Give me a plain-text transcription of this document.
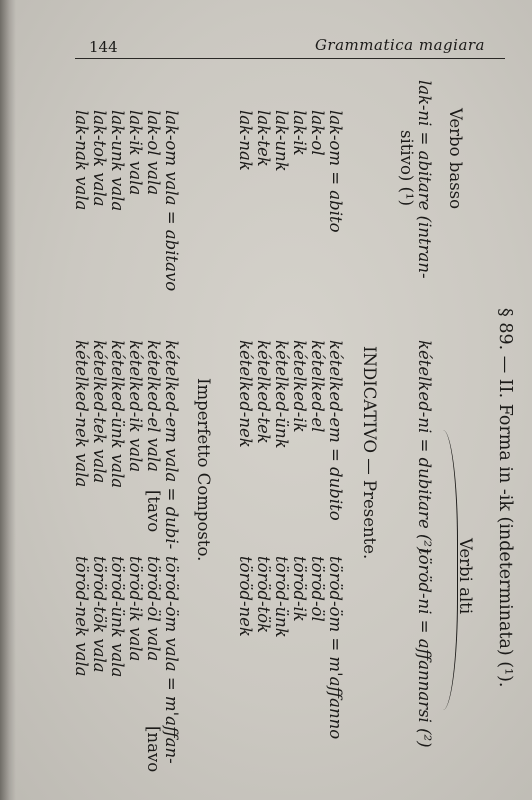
144	Grammatica magiara
§ 89. — II. Forma in -ik (indeterminata) (¹).
Verbo basso
Verbi alti
lak-ni = abitare (intran-
sitivo) (¹)
kételked-ni = dubitare (²)
töröd-ni = affannarsi (²)
INDICATIVO — Presente.
lak-om = abito
lak-ol
lak-ik
lak-unk
lak-tek
lak-nak
kételked-em = dubito
kételked-el
kételked-ik
kételked-ünk
kételked-tek
kételked-nek
töröd-öm = m'affanno
töröd-öl
töröd-ik
töröd-ünk
töröd-tök
töröd-nek
Imperfetto Composto.
lak-om vala = abitavo
lak-ol vala
lak-ik vala
lak-unk vala
lak-tok vala
lak-nak vala
kételked-em vala = dubi-
kételked-el vala
kételked-ik vala
kételked-ünk vala
kételked-tek vala
kételked-nek vala
[tavo
töröd-öm vala = m'affan-
töröd-öl vala
töröd-ik vala
töröd-ünk vala
töröd-tök vala
töröd-nek vala
[navo
